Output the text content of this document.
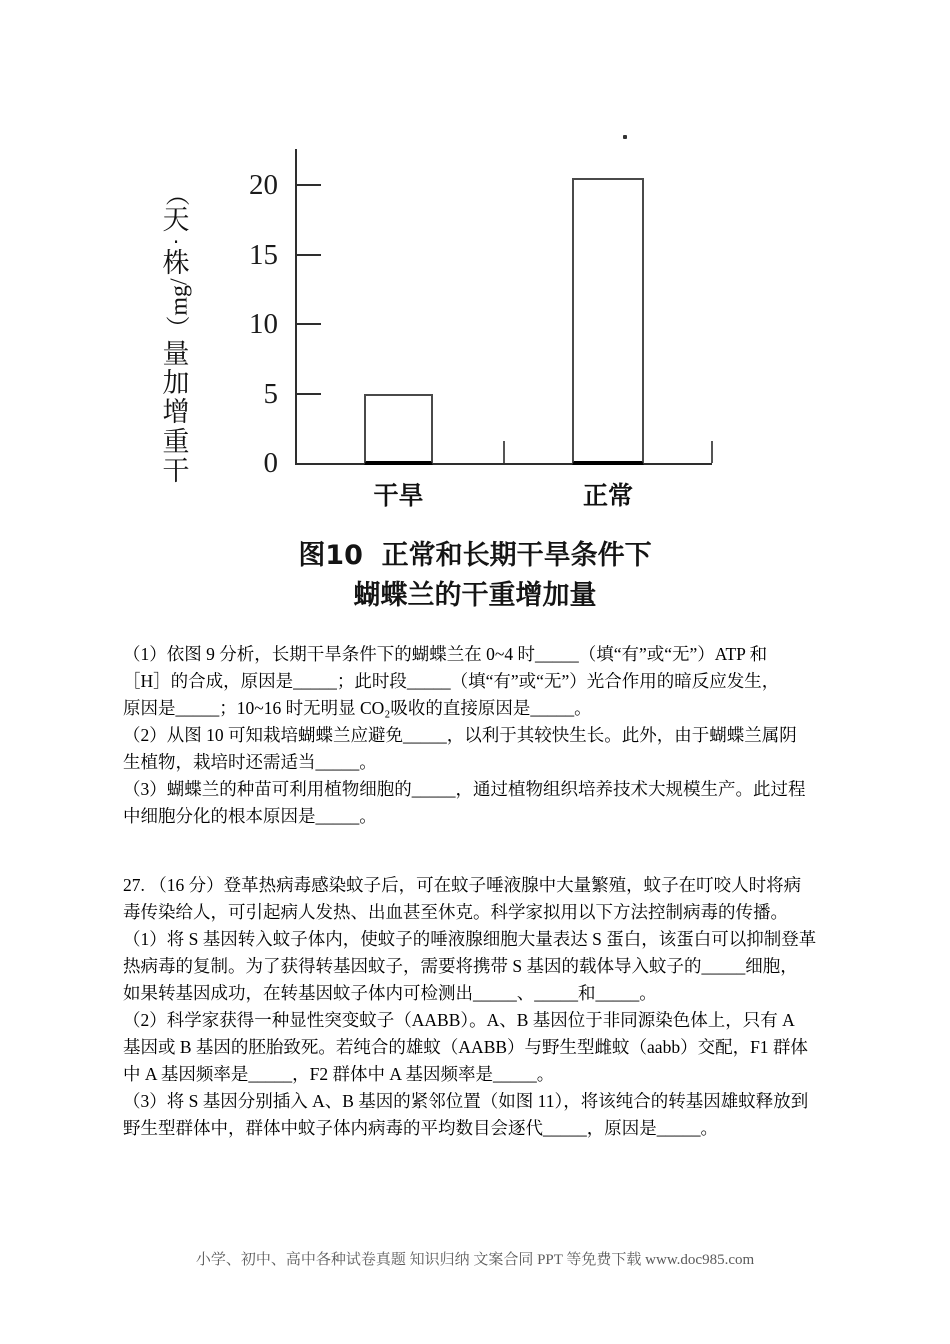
0
5
10
15
20
干旱	正常
干
重
增
加
量
（mg/
株
·
天
）
图10  正常和长期干旱条件下
蝴蝶兰的干重增加量
（1）依图 9 分析，长期干旱条件下的蝴蝶兰在 0~4 时_____（填“有”或“无”）ATP 和
［H］的合成，原因是_____；此时段_____（填“有”或“无”）光合作用的暗反应发生，
原因是_____；10~16 时无明显 CO₂吸收的直接原因是_____。
（2）从图 10 可知栽培蝴蝶兰应避免_____，以利于其较快生长。此外，由于蝴蝶兰属阴
生植物，栽培时还需适当_____。
（3）蝴蝶兰的种苗可利用植物细胞的_____，通过植物组织培养技术大规模生产。此过程
中细胞分化的根本原因是_____。
27. （16 分）登革热病毒感染蚊子后，可在蚊子唾液腺中大量繁殖，蚊子在叮咬人时将病
毒传染给人，可引起病人发热、出血甚至休克。科学家拟用以下方法控制病毒的传播。
（1）将 S 基因转入蚊子体内，使蚊子的唾液腺细胞大量表达 S 蛋白，该蛋白可以抑制登革
热病毒的复制。为了获得转基因蚊子，需要将携带 S 基因的载体导入蚊子的_____细胞，
如果转基因成功，在转基因蚊子体内可检测出_____、_____和_____。
（2）科学家获得一种显性突变蚊子（AABB）。A、B 基因位于非同源染色体上，只有 A
基因或 B 基因的胚胎致死。若纯合的雄蚊（AABB）与野生型雌蚊（aabb）交配，F1 群体
中 A 基因频率是_____，F2 群体中 A 基因频率是_____。
（3）将 S 基因分别插入 A、B 基因的紧邻位置（如图 11），将该纯合的转基因雄蚊释放到
野生型群体中，群体中蚊子体内病毒的平均数目会逐代_____，原因是_____。
小学、初中、高中各种试卷真题 知识归纳 文案合同 PPT 等免费下载 www.doc985.com
